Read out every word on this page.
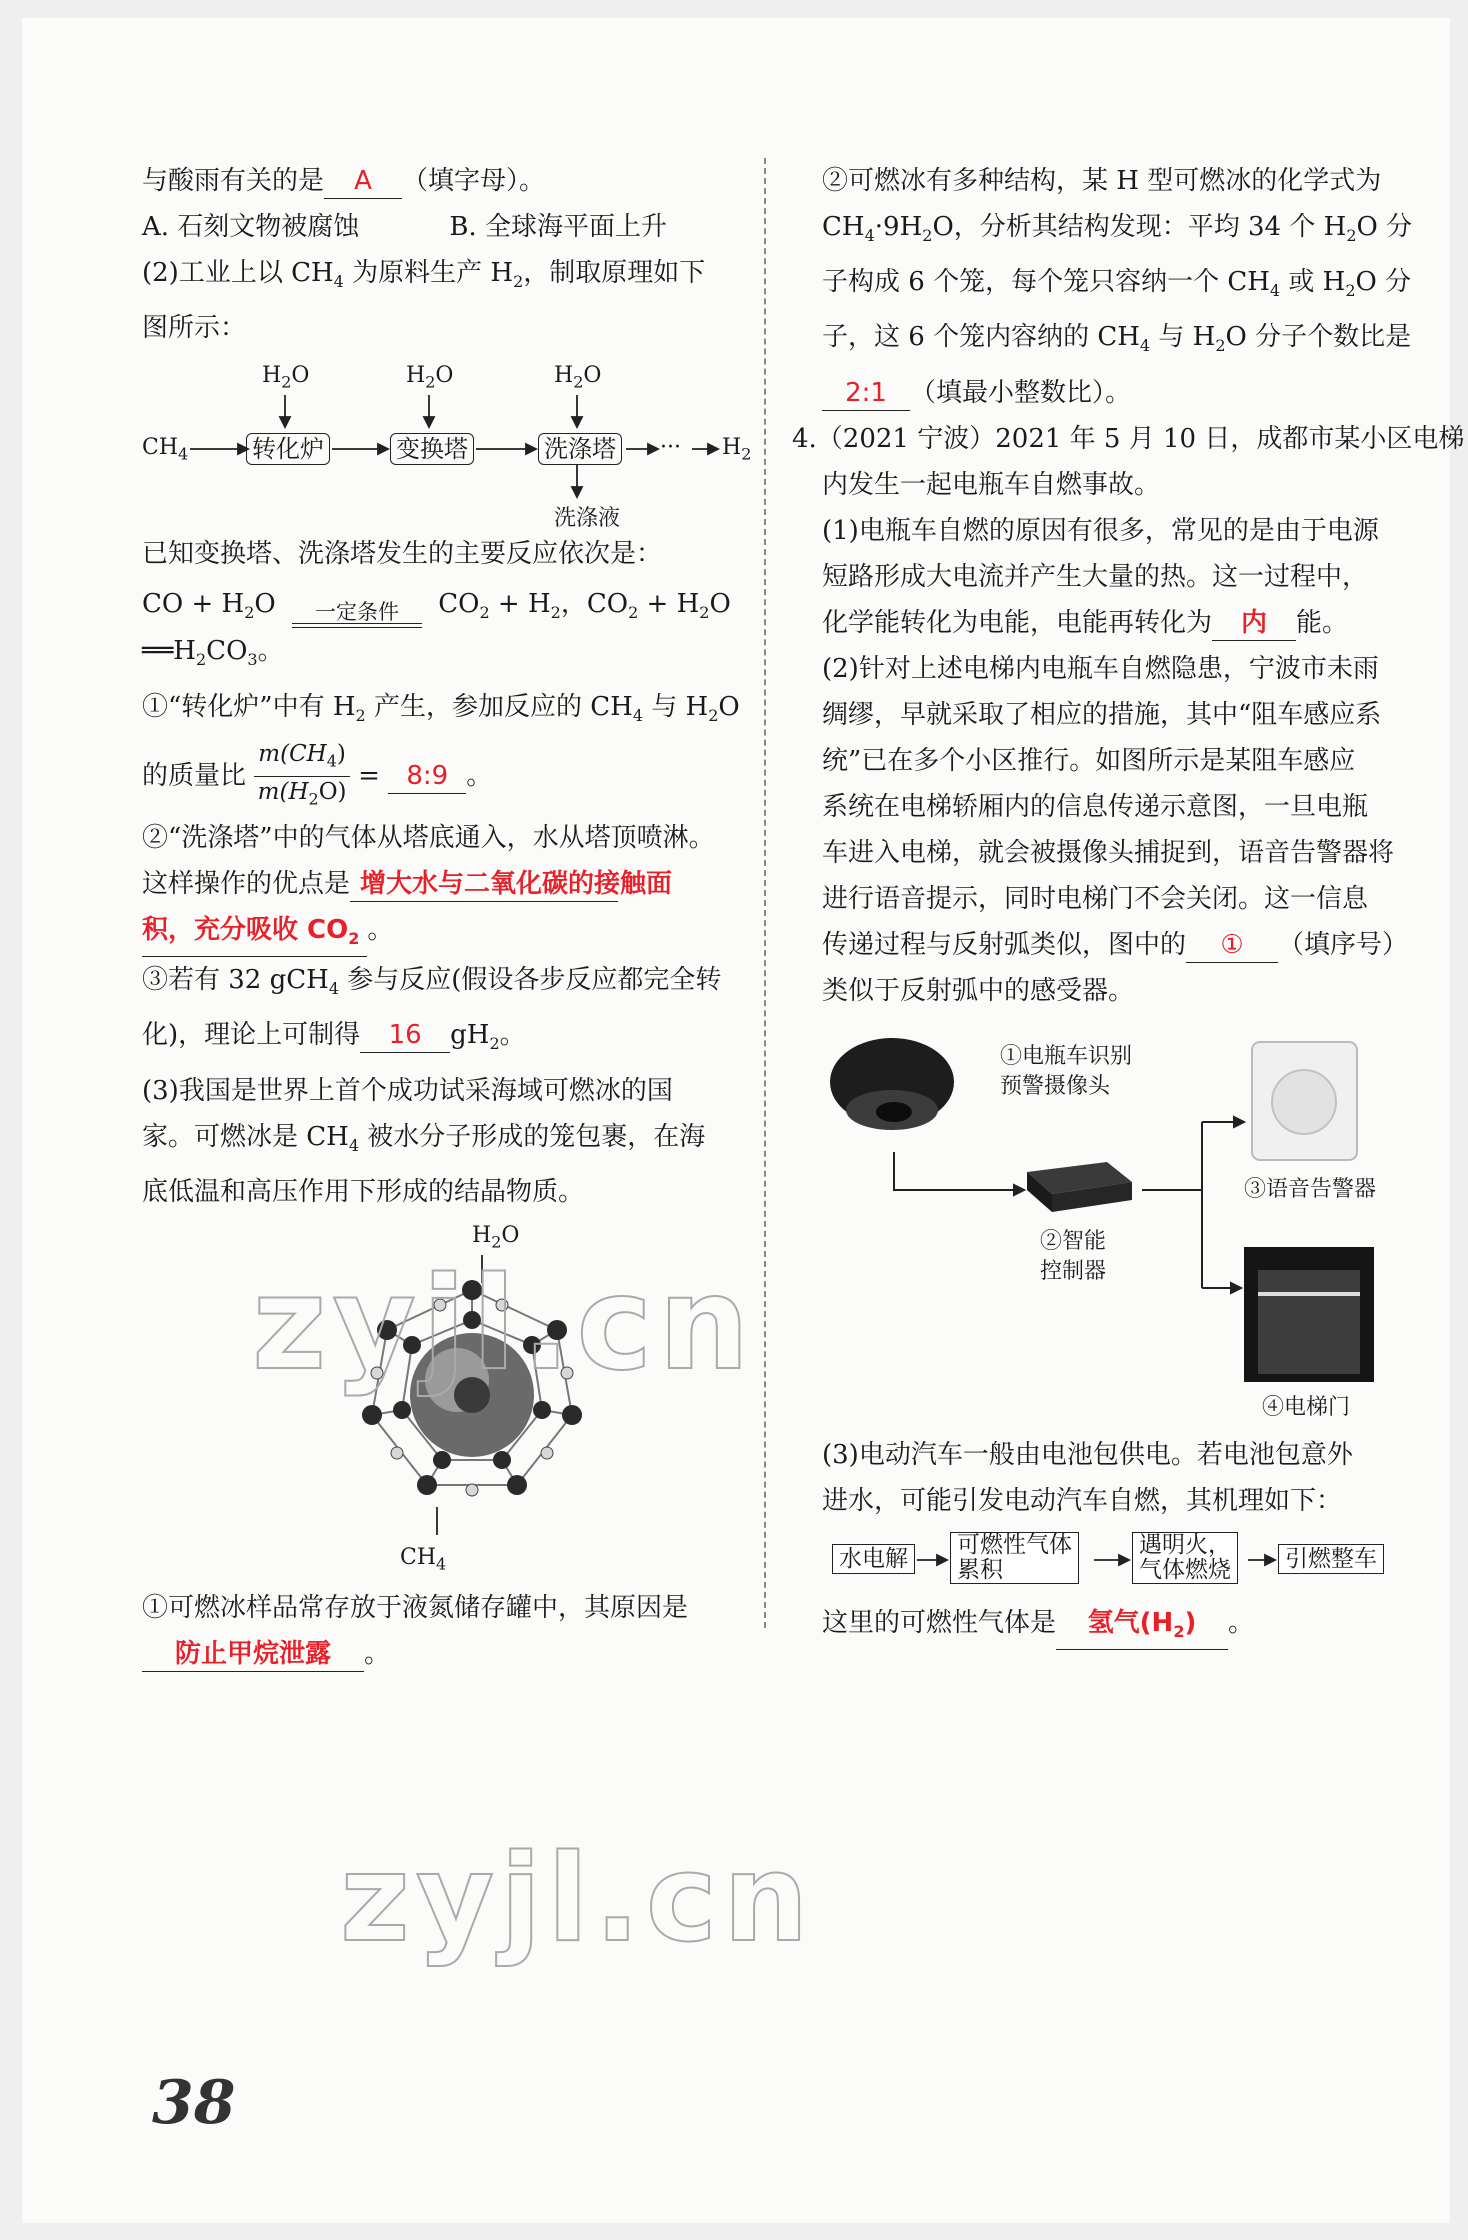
与酸雨有关的是 A （填字母）。
A. 石刻文物被腐蚀	B. 全球海平面上升
(2)工业上以 $CH_4$ 为原料生产 $H_2$，制取原理如下
图所示：
$H_2O$	$H_2O$	$H_2O$
$CH_4$	转化炉	变换塔	洗涤塔 ··· $H_2$
洗涤液
已知变换塔、洗涤塔发生的主要反应依次是：
CO + $H_2O$ 一定条件 $CO_2 + H_2$，$CO_2 + H_2O$
$══H_2CO_3$。
①“转化炉”中有 $H_2$ 产生，参加反应的 $CH_4$ 与 $H_2O$
的质量比 $\frac{m(CH_4)}{m(H_2O)}$ = 8:9 。
②“洗涤塔”中的气体从塔底通入，水从塔顶喷淋。
这样操作的优点是 增大水与二氧化碳的接触面
积，充分吸收 $CO_2$ 。
③若有 32 gCH$_4$ 参与反应(假设各步反应都完全转
化)，理论上可制得 16 $gH_2$。
(3)我国是世界上首个成功试采海域可燃冰的国
家。可燃冰是 $CH_4$ 被水分子形成的笼包裹，在海
底低温和高压作用下形成的结晶物质。
$H_2O$
$CH_4$
①可燃冰样品常存放于液氮储存罐中，其原因是
防止甲烷泄露 。
②可燃冰有多种结构，某 H 型可燃冰的化学式为
$CH_4\cdot 9H_2O$，分析其结构发现：平均 34 个 $H_2O$ 分
子构成 6 个笼，每个笼只容纳一个 $CH_4$ 或 $H_2O$ 分
子，这 6 个笼内容纳的 $CH_4$ 与 $H_2O$ 分子个数比是
2:1 （填最小整数比）。
4.（2021 宁波）2021 年 5 月 10 日，成都市某小区电梯
内发生一起电瓶车自燃事故。
(1)电瓶车自燃的原因有很多，常见的是由于电源
短路形成大电流并产生大量的热。这一过程中，
化学能转化为电能，电能再转化为 内 能。
(2)针对上述电梯内电瓶车自燃隐患，宁波市未雨
绸缪，早就采取了相应的措施，其中“阻车感应系
统”已在多个小区推行。如图所示是某阻车感应
系统在电梯轿厢内的信息传递示意图，一旦电瓶
车进入电梯，就会被摄像头捕捉到，语音告警器将
进行语音提示，同时电梯门不会关闭。这一信息
传递过程与反射弧类似，图中的 ① （填序号）
类似于反射弧中的感受器。
①电瓶车识别
预警摄像头
②智能
控制器
③语音告警器
④电梯门
(3)电动汽车一般由电池包供电。若电池包意外
进水，可能引发电动汽车自燃，其机理如下：
水电解
可燃性气体
累积
遇明火，
气体燃烧	引燃整车
这里的可燃性气体是 氢气$(H_2)$ 。
zyjl.cn
zyjl.cn
38
